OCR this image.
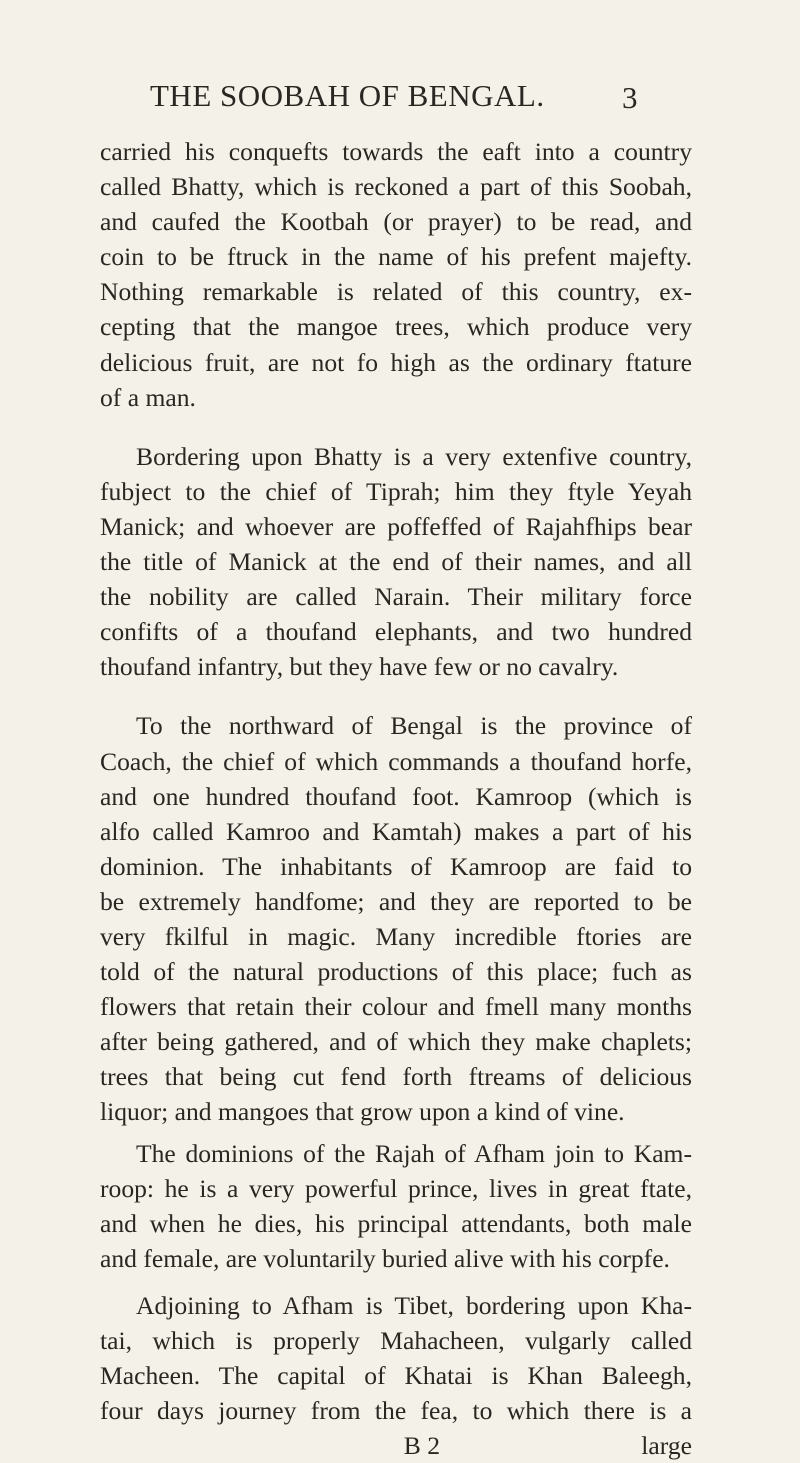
THE SOOBAH OF BENGAL.	3
carried his conquefts towards the eaft into a country
called Bhatty, which is reckoned a part of this Soobah,
and caufed the Kootbah (or prayer) to be read, and
coin to be ftruck in the name of his prefent majefty.
Nothing remarkable is related of this country, ex-
cepting that the mangoe trees, which produce very
delicious fruit, are not fo high as the ordinary ftature
of a man.
Bordering upon Bhatty is a very extenfive country,
fubject to the chief of Tiprah; him they ftyle Yeyah
Manick; and whoever are poffeffed of Rajahfhips bear
the title of Manick at the end of their names, and all
the nobility are called Narain. Their military force
confifts of a thoufand elephants, and two hundred
thoufand infantry, but they have few or no cavalry.
To the northward of Bengal is the province of
Coach, the chief of which commands a thoufand horfe,
and one hundred thoufand foot. Kamroop (which is
alfo called Kamroo and Kamtah) makes a part of his
dominion. The inhabitants of Kamroop are faid to
be extremely handfome; and they are reported to be
very fkilful in magic. Many incredible ftories are
told of the natural productions of this place; fuch as
flowers that retain their colour and fmell many months
after being gathered, and of which they make chaplets;
trees that being cut fend forth ftreams of delicious
liquor; and mangoes that grow upon a kind of vine.
The dominions of the Rajah of Afham join to Kam-
roop: he is a very powerful prince, lives in great ftate,
and when he dies, his principal attendants, both male
and female, are voluntarily buried alive with his corpfe.
Adjoining to Afham is Tibet, bordering upon Kha-
tai, which is properly Mahacheen, vulgarly called
Macheen. The capital of Khatai is Khan Baleegh,
four days journey from the fea, to which there is a
B 2	large
